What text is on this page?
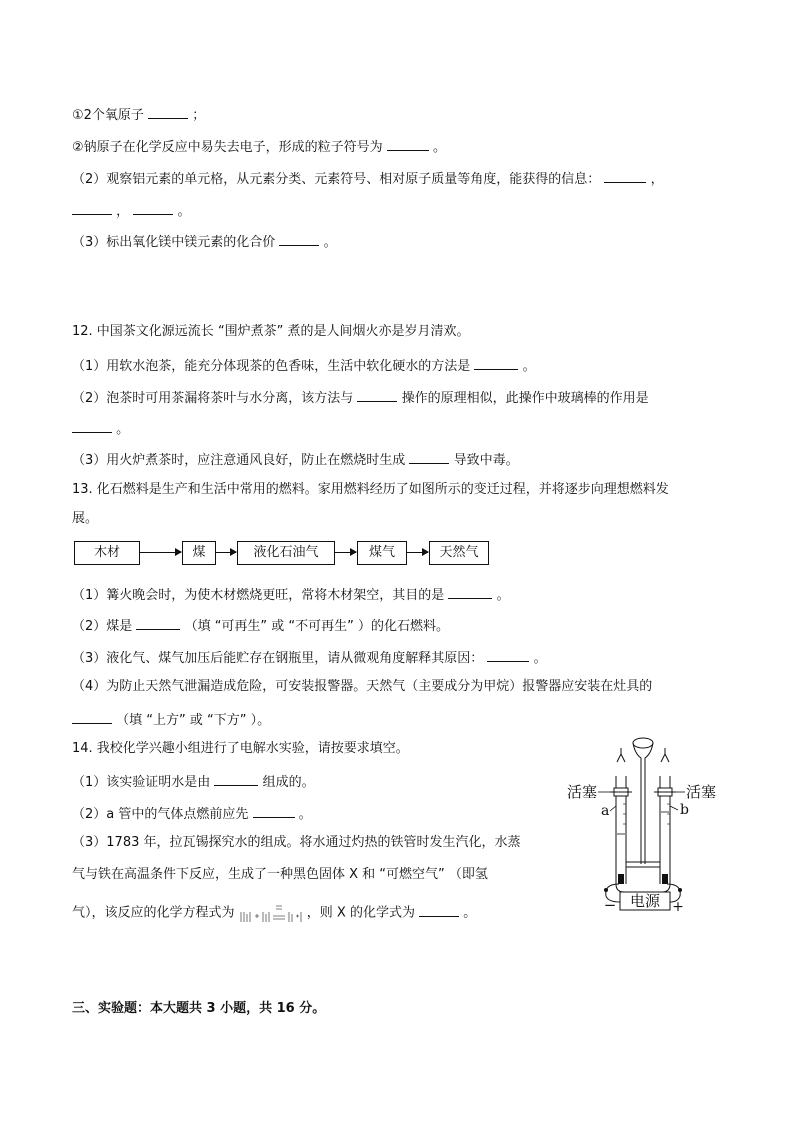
①2个氧原子	；
②钠原子在化学反应中易失去电子，形成的粒子符号为	。
（2）观察铝元素的单元格，从元素分类、元素符号、相对原子质量等角度，能获得的信息：	，
，	。
（3）标出氧化镁中镁元素的化合价	。
12. 中国茶文化源远流长 “围炉煮茶” 煮的是人间烟火亦是岁月清欢。
（1）用软水泡茶，能充分体现茶的色香味，生活中软化硬水的方法是	。
（2）泡茶时可用茶漏将茶叶与水分离，该方法与	操作的原理相似，此操作中玻璃棒的作用是
。
（3）用火炉煮茶时，应注意通风良好，防止在燃烧时生成	导致中毒。
13. 化石燃料是生产和生活中常用的燃料。家用燃料经历了如图所示的变迁过程，并将逐步向理想燃料发
展。
木材	煤	液化石油气	煤气	天然气
（1）篝火晚会时，为使木材燃烧更旺，常将木材架空，其目的是	。
（2）煤是	（填 “可再生” 或 “不可再生” ）的化石燃料。
（3）液化气、煤气加压后能贮存在钢瓶里，请从微观角度解释其原因：	。
（4）为防止天然气泄漏造成危险，可安装报警器。天然气（主要成分为甲烷）报警器应安装在灶具的
（填 “上方” 或 “下方” ）。
14. 我校化学兴趣小组进行了电解水实验，请按要求填空。
（1）该实验证明水是由	组成的。
（2）a 管中的气体点燃前应先	。
（3）1783 年，拉瓦锡探究水的组成。将水通过灼热的铁管时发生汽化，水蒸
气与铁在高温条件下反应，生成了一种黑色固体 X 和 “可燃空气” （即氢
气），该反应的化学方程式为	，则 X 的化学式为	。
电源
−	+
活塞	活塞
a	b
三、实验题：本大题共 3 小题，共 16 分。
